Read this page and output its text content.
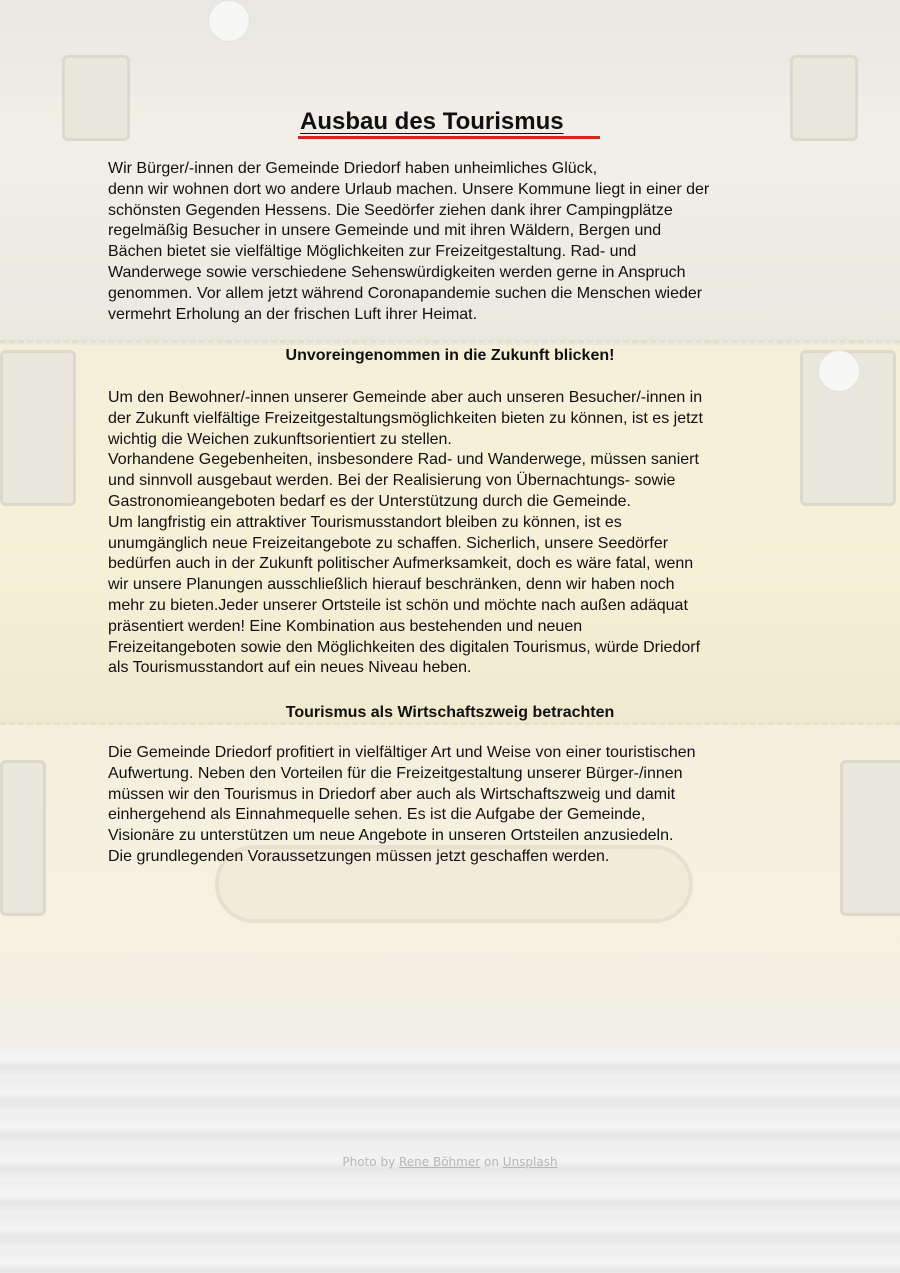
Ausbau des Tourismus

Wir Bürger/-innen der Gemeinde Driedorf haben unheimliches Glück,
denn wir wohnen dort wo andere Urlaub machen. Unsere Kommune liegt in einer der
schönsten Gegenden Hessens. Die Seedörfer ziehen dank ihrer Campingplätze
regelmäßig Besucher in unsere Gemeinde und mit ihren Wäldern, Bergen und
Bächen bietet sie vielfältige Möglichkeiten zur Freizeitgestaltung. Rad- und
Wanderwege sowie verschiedene Sehenswürdigkeiten werden gerne in Anspruch
genommen. Vor allem jetzt während Coronapandemie suchen die Menschen wieder
vermehrt Erholung an der frischen Luft ihrer Heimat.

Unvoreingenommen in die Zukunft blicken!

Um den Bewohner/-innen unserer Gemeinde aber auch unseren Besucher/-innen in
der Zukunft vielfältige Freizeitgestaltungsmöglichkeiten bieten zu können, ist es jetzt
wichtig die Weichen zukunftsorientiert zu stellen.
Vorhandene Gegebenheiten, insbesondere Rad- und Wanderwege, müssen saniert
und sinnvoll ausgebaut werden. Bei der Realisierung von Übernachtungs- sowie
Gastronomieangeboten bedarf es der Unterstützung durch die Gemeinde.
Um langfristig ein attraktiver Tourismusstandort bleiben zu können, ist es
unumgänglich neue Freizeitangebote zu schaffen. Sicherlich, unsere Seedörfer
bedürfen auch in der Zukunft politischer Aufmerksamkeit, doch es wäre fatal, wenn
wir unsere Planungen ausschließlich hierauf beschränken, denn wir haben noch
mehr zu bieten.Jeder unserer Ortsteile ist schön und möchte nach außen adäquat
präsentiert werden! Eine Kombination aus bestehenden und neuen
Freizeitangeboten sowie den Möglichkeiten des digitalen Tourismus, würde Driedorf
als Tourismusstandort auf ein neues Niveau heben.

Tourismus als Wirtschaftszweig betrachten

Die Gemeinde Driedorf profitiert in vielfältiger Art und Weise von einer touristischen
Aufwertung. Neben den Vorteilen für die Freizeitgestaltung unserer Bürger-/innen
müssen wir den Tourismus in Driedorf aber auch als Wirtschaftszweig und damit
einhergehend als Einnahmequelle sehen. Es ist die Aufgabe der Gemeinde,
Visionäre zu unterstützen um neue Angebote in unseren Ortsteilen anzusiedeln.
Die grundlegenden Voraussetzungen müssen jetzt geschaffen werden.

Photo by Rene Böhmer on Unsplash
